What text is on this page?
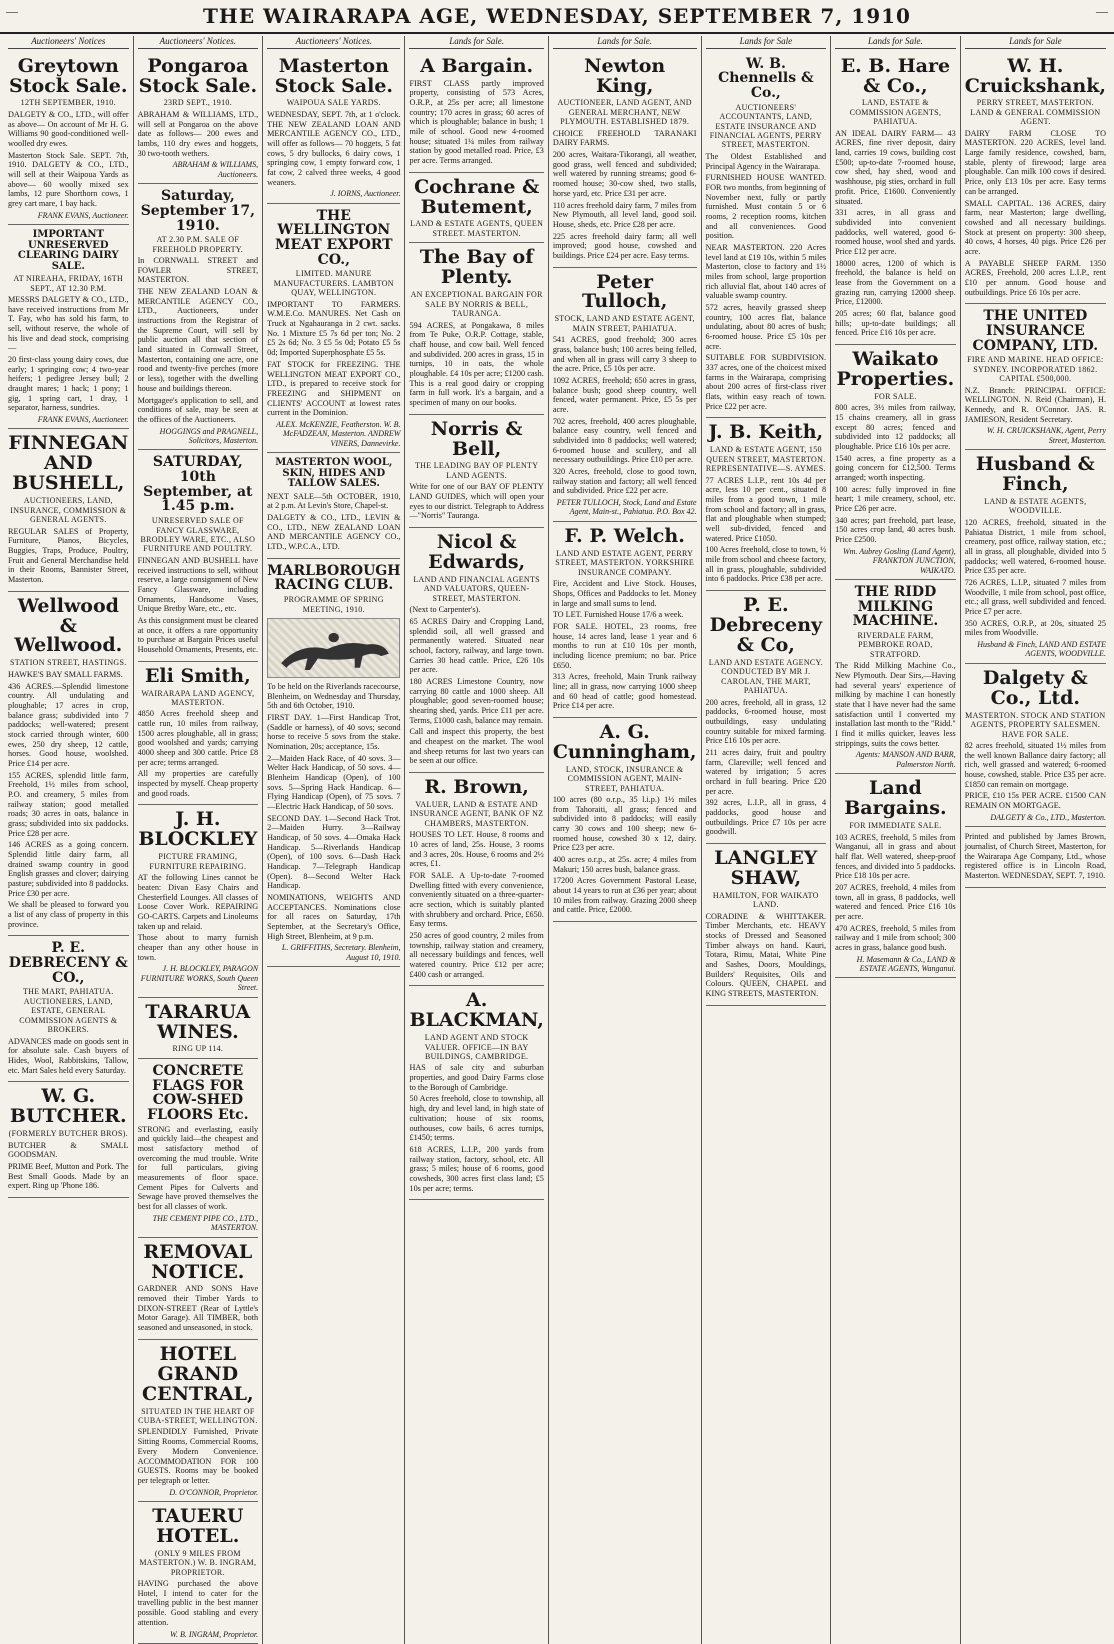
—	THE WAIRARAPA AGE, WEDNESDAY, SEPTEMBER 7, 1910	—
Auctioneers' Notices
Greytown Stock Sale.
12TH SEPTEMBER, 1910.

DALGETY & CO., LTD., will offer as above— On account of Mr H. G. Williams 90 good-conditioned well-woolled dry ewes.

Masterton Stock Sale. SEPT. 7th, 1910. DALGETY & CO., LTD., will sell at their Waipoua Yards as above— 60 woolly mixed sex lambs, 12 pure Shorthorn cows, 1 grey cart mare, 1 bay hack.

FRANK EVANS, Auctioneer.
IMPORTANT UNRESERVED CLEARING DAIRY SALE.
AT NIREAHA, FRIDAY, 16TH SEPT., AT 12.30 P.M.

MESSRS DALGETY & CO., LTD., have received instructions from Mr T. Fay, who has sold his farm, to sell, without reserve, the whole of his live and dead stock, comprising—

20 first-class young dairy cows, due early; 1 springing cow; 4 two-year heifers; 1 pedigree Jersey bull; 2 draught mares; 1 hack; 1 pony; 1 gig, 1 spring cart, 1 dray, 1 separator, harness, sundries.

FRANK EVANS, Auctioneer.
FINNEGAN AND BUSHELL,
AUCTIONEERS, LAND, INSURANCE, COMMISSION & GENERAL AGENTS.

REGULAR SALES of Property, Furniture, Pianos, Bicycles, Buggies, Traps, Produce, Poultry, Fruit and General Merchandise held in their Rooms, Bannister Street, Masterton.

Wellwood & Wellwood.
STATION STREET, HASTINGS.

HAWKE'S BAY SMALL FARMS.

436 ACRES.—Splendid limestone country. All undulating and ploughable; 17 acres in crop, balance grass; subdivided into 7 paddocks; well-watered; present stock carried through winter, 600 ewes, 250 dry sheep, 12 cattle, horses. Good house, woolshed. Price £14 per acre.

155 ACRES, splendid little farm, Freehold, 1½ miles from school, P.O. and creamery, 5 miles from railway station; good metalled roads; 30 acres in oats, balance in grass; subdivided into six paddocks. Price £28 per acre.

146 ACRES as a going concern. Splendid little dairy farm, all drained swamp country in good English grasses and clover; dairying pasture; subdivided into 8 paddocks. Price £30 per acre.

We shall be pleased to forward you a list of any class of property in this province.

P. E. DEBRECENY & CO.,
THE MART, PAHIATUA. AUCTIONEERS, LAND, ESTATE, GENERAL COMMISSION AGENTS & BROKERS.

ADVANCES made on goods sent in for absolute sale. Cash buyers of Hides, Wool, Rabbitskins, Tallow, etc. Mart Sales held every Saturday.

W. G. BUTCHER.
(FORMERLY BUTCHER BROS).

BUTCHER & SMALL GOODSMAN.

PRIME Beef, Mutton and Pork. The Best Small Goods. Made by an expert. Ring up 'Phone 186.

Auctioneers' Notices.
Pongaroa Stock Sale.
23RD SEPT., 1910.

ABRAHAM & WILLIAMS, LTD., will sell at Pongaroa on the above date as follows— 200 ewes and lambs, 110 dry ewes and hoggets, 30 two-tooth wethers.

ABRAHAM & WILLIAMS, Auctioneers.
Saturday, September 17, 1910.
AT 2.30 P.M. SALE OF FREEHOLD PROPERTY.

In CORNWALL STREET and FOWLER STREET, MASTERTON.

THE NEW ZEALAND LOAN & MERCANTILE AGENCY CO., LTD., Auctioneers, under instructions from the Registrar of the Supreme Court, will sell by public auction all that section of land situated in Cornwall Street, Masterton, containing one acre, one rood and twenty-five perches (more or less), together with the dwelling house and buildings thereon.

Mortgagee's application to sell, and conditions of sale, may be seen at the offices of the Auctioneers.

HOGGINGS and PRAGNELL, Solicitors, Masterton.
SATURDAY, 10th September, at 1.45 p.m.
UNRESERVED SALE OF FANCY GLASSWARE, BRODLEY WARE, ETC., ALSO FURNITURE AND POULTRY.

FINNEGAN AND BUSHELL have received instructions to sell, without reserve, a large consignment of New Fancy Glassware, including Ornaments, Handsome Vases, Unique Bretby Ware, etc., etc.

As this consignment must be cleared at once, it offers a rare opportunity to purchase at Bargain Prices useful Household Ornaments, Presents, etc.

Eli Smith,
WAIRARAPA LAND AGENCY, MASTERTON.

4850 Acres freehold sheep and cattle run, 10 miles from railway, 1500 acres ploughable, all in grass; good woolshed and yards; carrying 4000 sheep and 300 cattle. Price £8 per acre; terms arranged.

All my properties are carefully inspected by myself. Cheap property and good roads.

J. H. BLOCKLEY
PICTURE FRAMING, FURNITURE REPAIRING.

AT the following Lines cannot be beaten: Divan Easy Chairs and Chesterfield Lounges. All classes of Loose Cover Work. REPAIRING GO-CARTS. Carpets and Linoleums taken up and relaid.

Those about to marry furnish cheaper than any other house in town.

J. H. BLOCKLEY, PARAGON FURNITURE WORKS, South Queen Street.
TARARUA WINES.
RING UP 114.
CONCRETE FLAGS FOR COW-SHED FLOORS Etc.

STRONG and everlasting, easily and quickly laid—the cheapest and most satisfactory method of overcoming the mud trouble. Write for full particulars, giving measurements of floor space. Cement Pipes for Culverts and Sewage have proved themselves the best for all classes of work.

THE CEMENT PIPE CO., LTD., MASTERTON.
REMOVAL NOTICE.

GARDNER AND SONS Have removed their Timber Yards to DIXON-STREET (Rear of Lyttle's Motor Garage). All TIMBER, both seasoned and unseasoned, in stock.

HOTEL GRAND CENTRAL,
SITUATED IN THE HEART OF CUBA-STREET, WELLINGTON.

SPLENDIDLY Furnished, Private Sitting Rooms, Commercial Rooms, Every Modern Convenience. ACCOMMODATION FOR 100 GUESTS. Rooms may be booked per telegraph or letter.

D. O'CONNOR, Proprietor.
TAUERU HOTEL.
(ONLY 9 MILES FROM MASTERTON.) W. B. INGRAM, PROPRIETOR.

HAVING purchased the above Hotel, I intend to cater for the travelling public in the best manner possible. Good stabling and every attention.

W. B. INGRAM, Proprietor.
Auctioneers' Notices.
Masterton Stock Sale.
WAIPOUA SALE YARDS.

WEDNESDAY, SEPT. 7th, at 1 o'clock. THE NEW ZEALAND LOAN AND MERCANTILE AGENCY CO., LTD., will offer as follows— 70 hoggets, 5 fat cows, 5 dry bullocks, 6 dairy cows, 1 springing cow, 1 empty forward cow, 1 fat cow, 2 calved three weeks, 4 good weaners.

J. IORNS, Auctioneer.
THE WELLINGTON MEAT EXPORT CO.,
LIMITED. MANURE MANUFACTURERS. LAMBTON QUAY, WELLINGTON.

IMPORTANT TO FARMERS. W.M.E.Co. MANURES. Net Cash on Truck at Ngahauranga in 2 cwt. sacks. No. 1 Mixture £5 7s 6d per ton; No. 2 £5 2s 6d; No. 3 £5 5s 0d; Potato £5 5s 0d; Imported Superphosphate £5 5s.

FAT STOCK for FREEZING. THE WELLINGTON MEAT EXPORT CO., LTD., is prepared to receive stock for FREEZING and SHIPMENT on CLIENTS' ACCOUNT at lowest rates current in the Dominion.

ALEX. McKENZIE, Featherston. W. B. McFADZEAN, Masterton. ANDREW VINERS, Dannevirke.
MASTERTON WOOL, SKIN, HIDES AND TALLOW SALES.

NEXT SALE—5th OCTOBER, 1910, at 2 p.m. At Levin's Store, Chapel-st.

DALGETY & CO., LTD., LEVIN & CO., LTD., NEW ZEALAND LOAN AND MERCANTILE AGENCY CO., LTD., W.P.C.A., LTD.

MARLBOROUGH RACING CLUB.
PROGRAMME OF SPRING MEETING, 1910.

To be held on the Riverlands racecourse, Blenheim, on Wednesday and Thursday, 5th and 6th October, 1910.

FIRST DAY. 1—First Handicap Trot, (Saddle or harness), of 40 sovs; second horse to receive 5 sovs from the stake. Nomination, 20s; acceptance, 15s.

2—Maiden Hack Race, of 40 sovs. 3—Welter Hack Handicap, of 50 sovs. 4—Blenheim Handicap (Open), of 100 sovs. 5—Spring Hack Handicap. 6—Flying Handicap (Open), of 75 sovs. 7—Electric Hack Handicap, of 50 sovs.

SECOND DAY. 1—Second Hack Trot. 2—Maiden Hurry. 3—Railway Handicap, of 50 sovs. 4—Omaka Hack Handicap. 5—Riverlands Handicap (Open), of 100 sovs. 6—Dash Hack Handicap. 7—Telegraph Handicap (Open). 8—Second Welter Hack Handicap.

NOMINATIONS, WEIGHTS AND ACCEPTANCES. Nominations close for all races on Saturday, 17th September, at the Secretary's Office, High Street, Blenheim, at 9 p.m.

L. GRIFFITHS, Secretary. Blenheim, August 10, 1910.
Lands for Sale.
A Bargain.

FIRST CLASS partly improved property, consisting of 573 Acres, O.R.P., at 25s per acre; all limestone country; 170 acres in grass; 60 acres of which is ploughable; balance in bush; 1 mile of school. Good new 4-roomed house; situated 1¼ miles from railway station by good metalled road. Price, £3 per acre. Terms arranged.

Cochrane & Butement,
LAND & ESTATE AGENTS, QUEEN STREET. MASTERTON.
The Bay of Plenty.
AN EXCEPTIONAL BARGAIN FOR SALE BY NORRIS & BELL, TAURANGA.

594 ACRES, at Pongakawa, 8 miles from Te Puke, O.R.P. Cottage, stable, chaff house, and cow bail. Well fenced and subdivided. 200 acres in grass, 15 in turnips, 10 in oats, the whole ploughable. £4 10s per acre; £1200 cash. This is a real good dairy or cropping farm in full work. It's a bargain, and a specimen of many on our books.

Norris & Bell,
THE LEADING BAY OF PLENTY LAND AGENTS.

Write for one of our BAY OF PLENTY LAND GUIDES, which will open your eyes to our district. Telegraph to Address—"Norris" Tauranga.

Nicol & Edwards,
LAND AND FINANCIAL AGENTS AND VALUATORS, QUEEN-STREET, MASTERTON.

(Next to Carpenter's).

65 ACRES Dairy and Cropping Land, splendid soil, all well grassed and permanently watered. Situated near school, factory, railway, and large town. Carries 30 head cattle. Price, £26 10s per acre.

180 ACRES Limestone Country, now carrying 80 cattle and 1000 sheep. All ploughable; good seven-roomed house; shearing shed, yards. Price £11 per acre. Terms, £1000 cash, balance may remain.

Call and inspect this property, the best and cheapest on the market. The wool and sheep returns for last two years can be seen at our office.

R. Brown,
VALUER, LAND & ESTATE AND INSURANCE AGENT, BANK OF NZ CHAMBERS, MASTERTON.

HOUSES TO LET. House, 8 rooms and 10 acres of land, 25s. House, 3 rooms and 3 acres, 20s. House, 6 rooms and 2½ acres, £1.

FOR SALE. A Up-to-date 7-roomed Dwelling fitted with every convenience, conveniently situated on a three-quarter-acre section, which is suitably planted with shrubbery and orchard. Price, £650. Easy terms.

250 acres of good country, 2 miles from township, railway station and creamery, all necessary buildings and fences, well watered country. Price £12 per acre; £400 cash or arranged.

A. BLACKMAN,
LAND AGENT AND STOCK VALUER. OFFICE—IN BAY BUILDINGS, CAMBRIDGE.

HAS of sale city and suburban properties, and good Dairy Farms close to the Borough of Cambridge.

50 Acres freehold, close to township, all high, dry and level land, in high state of cultivation; house of six rooms, outhouses, cow bails, 6 acres turnips, £1450; terms.

618 ACRES, L.I.P., 200 yards from railway station, factory, school, etc. All grass; 5 miles; house of 6 rooms, good cowsheds, 300 acres first class land; £5 10s per acre; terms.

Lands for Sale.
Newton King,
AUCTIONEER, LAND AGENT, AND GENERAL MERCHANT, NEW PLYMOUTH. ESTABLISHED 1879.

CHOICE FREEHOLD TARANAKI DAIRY FARMS.

200 acres, Waitara-Tikorangi, all weather, good grass, well fenced and subdivided; well watered by running streams; good 6-roomed house; 30-cow shed, two stalls, horse yard, etc. Price £31 per acre.

110 acres freehold dairy farm, 7 miles from New Plymouth, all level land, good soil. House, sheds, etc. Price £28 per acre.

225 acres freehold dairy farm; all well improved; good house, cowshed and buildings. Price £24 per acre. Easy terms.

Peter Tulloch,
STOCK, LAND AND ESTATE AGENT, MAIN STREET, PAHIATUA.

541 ACRES, good freehold; 300 acres grass, balance bush; 100 acres being felled, and when all in grass will carry 3 sheep to the acre. Price, £5 10s per acre.

1092 ACRES, freehold; 650 acres in grass, balance bush; good sheep country, well fenced, water permanent. Price, £5 5s per acre.

702 acres, freehold, 400 acres ploughable, balance easy country, well fenced and subdivided into 8 paddocks; well watered; 6-roomed house and scullery, and all necessary outbuildings. Price £10 per acre.

320 Acres, freehold, close to good town, railway station and factory; all well fenced and subdivided. Price £22 per acre.

PETER TULLOCH, Stock, Land and Estate Agent, Main-st., Pahiatua. P.O. Box 42.
F. P. Welch.
LAND AND ESTATE AGENT, PERRY STREET, MASTERTON. YORKSHIRE INSURANCE COMPANY.

Fire, Accident and Live Stock. Houses, Shops, Offices and Paddocks to let. Money in large and small sums to lend.

TO LET. Furnished House 17/6 a week.

FOR SALE. HOTEL, 23 rooms, free house, 14 acres land, lease 1 year and 6 months to run at £10 10s per month, including licence premium; no bar. Price £650.

313 Acres, freehold, Main Trunk railway line; all in grass, now carrying 1000 sheep and 60 head of cattle; good homestead. Price £14 per acre.

A. G. Cunningham,
LAND, STOCK, INSURANCE & COMMISSION AGENT, MAIN-STREET, PAHIATUA.

100 acres (80 o.r.p., 35 l.i.p.) 1½ miles from Tahoraiti, all grass; fenced and subdivided into 8 paddocks; will easily carry 30 cows and 100 sheep; new 6-roomed house, cowshed 30 x 12, dairy. Price £23 per acre.

400 acres o.r.p., at 25s. acre; 4 miles from Makuri; 150 acres bush, balance grass.

17200 Acres Government Pastoral Lease, about 14 years to run at £36 per year; about 10 miles from railway. Grazing 2000 sheep and cattle. Price, £2000.

Lands for Sale
W. B. Chennells & Co.,
AUCTIONEERS' ACCOUNTANTS, LAND, ESTATE INSURANCE AND FINANCIAL AGENTS, PERRY STREET, MASTERTON.

The Oldest Established and Principal Agency in the Wairarapa.

FURNISHED HOUSE WANTED. FOR two months, from beginning of November next, fully or partly furnished. Must contain 5 or 6 rooms, 2 reception rooms, kitchen and all conveniences. Good position.

NEAR MASTERTON. 220 Acres level land at £19 10s, within 5 miles Masterton, close to factory and 1½ miles from school, large proportion rich alluvial flat, about 140 acres of valuable swamp country.

572 acres, heavily grassed sheep country, 100 acres flat, balance undulating, about 80 acres of bush; 6-roomed house. Price £5 10s per acre.

SUITABLE FOR SUBDIVISION. 337 acres, one of the choicest mixed farms in the Wairarapa, comprising about 200 acres of first-class river flats, within easy reach of town. Price £22 per acre.

J. B. Keith,
LAND & ESTATE AGENT, 150 QUEEN STREET, MASTERTON. REPRESENTATIVE—S. AYMES.

77 ACRES L.I.P., rent 10s 4d per acre, less 10 per cent., situated 8 miles from a good town, 1 mile from school and factory; all in grass, flat and ploughable when stumped; well sub-divided, fenced and watered. Price £1050.

100 Acres freehold, close to town, ½ mile from school and cheese factory, all in grass, ploughable, subdivided into 6 paddocks. Price £38 per acre.

P. E. Debreceny & Co,
LAND AND ESTATE AGENCY. CONDUCTED BY MR J. CAROLAN, THE MART, PAHIATUA.

200 acres, freehold, all in grass, 12 paddocks, 6-roomed house, most outbuildings, easy undulating country suitable for mixed farming. Price £16 10s per acre.

211 acres dairy, fruit and poultry farm, Clareville; well fenced and watered by irrigation; 5 acres orchard in full bearing. Price £20 per acre.

392 acres, L.I.P., all in grass, 4 paddocks, good house and outbuildings. Price £7 10s per acre goodwill.

LANGLEY SHAW,
HAMILTON, FOR WAIKATO LAND.

CORADINE & WHITTAKER. Timber Merchants, etc. HEAVY stocks of Dressed and Seasoned Timber always on hand. Kauri, Totara, Rimu, Matai, White Pine and Sashes, Doors, Mouldings, Builders' Requisites, Oils and Colours. QUEEN, CHAPEL and KING STREETS, MASTERTON.

Lands for Sale.
E. B. Hare & Co.,
LAND, ESTATE & COMMISSION AGENTS, PAHIATUA.

AN IDEAL DAIRY FARM— 43 ACRES, fine river deposit, dairy land, carries 19 cows, building cost £500; up-to-date 7-roomed house, cow shed, hay shed, wood and washhouse, pig sties, orchard in full profit. Price, £1600. Conveniently situated.

331 acres, in all grass and subdivided into convenient paddocks, well watered, good 6-roomed house, wool shed and yards. Price £12 per acre.

18000 acres, 1200 of which is freehold, the balance is held on lease from the Government on a grazing run, carrying 12000 sheep. Price, £12000.

205 acres; 60 flat, balance good hills; up-to-date buildings; all fenced. Price £16 10s per acre.

Waikato Properties.
FOR SALE.

800 acres, 3½ miles from railway, 15 chains creamery, all in grass except 80 acres; fenced and subdivided into 12 paddocks; all ploughable. Price £16 10s per acre.

1540 acres, a fine property as a going concern for £12,500. Terms arranged; worth inspecting.

100 acres: fully improved in fine heart; 1 mile creamery, school, etc. Price £26 per acre.

340 acres; part freehold, part lease, 150 acres crop land, 40 acres bush. Price £2500.

Wm. Aubrey Gosling (Land Agent), FRANKTON JUNCTION, WAIKATO.
THE RIDD MILKING MACHINE.
RIVERDALE FARM, PEMBROKE ROAD, STRATFORD.

The Ridd Milking Machine Co., New Plymouth. Dear Sirs,—Having had several years' experience of milking by machine I can honestly state that I have never had the same satisfaction until I converted my installation last month to the "Ridd." I find it milks quicker, leaves less strippings, suits the cows better.

Agents: MANSON AND BARR, Palmerston North.
Land Bargains.
FOR IMMEDIATE SALE.

103 ACRES, freehold, 5 miles from Wanganui, all in grass and about half flat. Well watered, sheep-proof fences, and divided into 5 paddocks. Price £18 10s per acre.

207 ACRES, freehold, 4 miles from town, all in grass, 8 paddocks, well watered and fenced. Price £16 10s per acre.

470 ACRES, freehold, 5 miles from railway and 1 mile from school; 300 acres in grass, balance good bush.

H. Masemann & Co., LAND & ESTATE AGENTS, Wanganui.
Lands for Sale
W. H. Cruickshank,
PERRY STREET, MASTERTON. LAND & GENERAL COMMISSION AGENT.

DAIRY FARM CLOSE TO MASTERTON. 220 ACRES, level land. Large family residence, cowshed, barn, stable, plenty of firewood; large area ploughable. Can milk 100 cows if desired. Price, only £13 10s per acre. Easy terms can be arranged.

SMALL CAPITAL. 136 ACRES, dairy farm, near Masterton; large dwelling, cowshed and all necessary buildings. Stock at present on property: 300 sheep, 40 cows, 4 horses, 40 pigs. Price £26 per acre.

A PAYABLE SHEEP FARM. 1350 ACRES, Freehold, 200 acres L.I.P., rent £10 per annum. Good house and outbuildings. Price £6 10s per acre.

THE UNITED INSURANCE COMPANY, LTD.
FIRE AND MARINE. HEAD OFFICE: SYDNEY. INCORPORATED 1862. CAPITAL £500,000.

N.Z. Branch: PRINCIPAL OFFICE: WELLINGTON. N. Reid (Chairman), H. Kennedy, and R. O'Connor. JAS. R. JAMIESON, Resident Secretary.

W. H. CRUICKSHANK, Agent, Perry Street, Masterton.
Husband & Finch,
LAND & ESTATE AGENTS, WOODVILLE.

120 ACRES, freehold, situated in the Pahiatua District, 1 mile from school, creamery, post office, railway station, etc.; all in grass, all ploughable, divided into 5 paddocks; well watered, 6-roomed house. Price £35 per acre.

726 ACRES, L.I.P., situated 7 miles from Woodville, 1 mile from school, post office, etc.; all grass, well subdivided and fenced. Price £7 per acre.

350 ACRES, O.R.P., at 20s, situated 25 miles from Woodville.

Husband & Finch, LAND AND ESTATE AGENTS, WOODVILLE.
Dalgety & Co., Ltd.
MASTERTON. STOCK AND STATION AGENTS, PROPERTY SALESMEN. HAVE FOR SALE.

82 acres freehold, situated 1½ miles from the well known Ballance dairy factory; all rich, well grassed and watered; 6-roomed house, cowshed, stable. Price £35 per acre. £1850 can remain on mortgage.

PRICE, £10 15s PER ACRE. £1500 CAN REMAIN ON MORTGAGE.

DALGETY & Co., LTD., Masterton.

Printed and published by James Brown, journalist, of Church Street, Masterton, for the Wairarapa Age Company, Ltd., whose registered office is in Lincoln Road, Masterton. WEDNESDAY, SEPT. 7, 1910.
